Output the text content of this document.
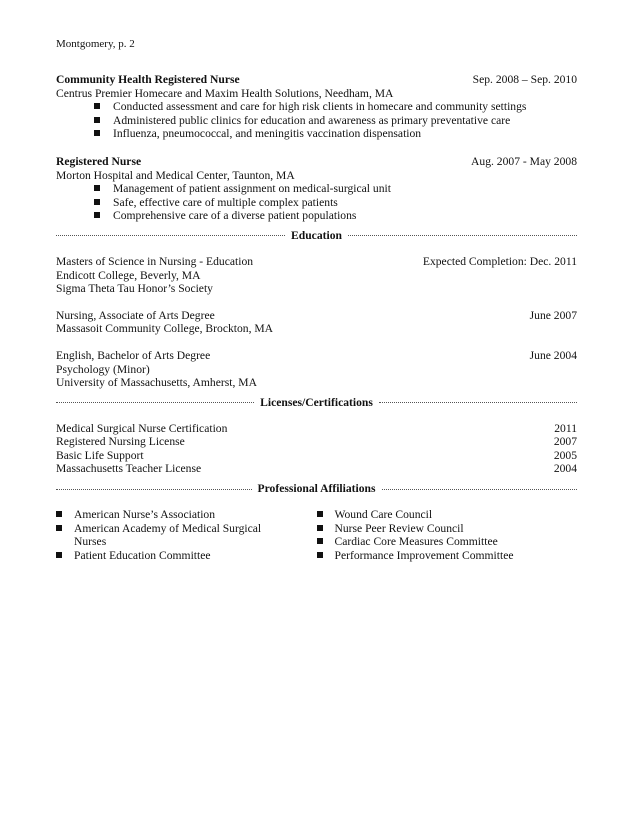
Montgomery, p. 2
Community Health Registered Nurse	Sep. 2008 – Sep. 2010
Centrus Premier Homecare and Maxim Health Solutions, Needham, MA
Conducted assessment and care for high risk clients in homecare and community settings
Administered public clinics for education and awareness as primary preventative care
Influenza, pneumococcal, and meningitis vaccination dispensation
Registered Nurse	Aug. 2007 - May 2008
Morton Hospital and Medical Center, Taunton, MA
Management of patient assignment on medical-surgical unit
Safe, effective care of multiple complex patients
Comprehensive care of a diverse patient populations
Education
Masters of Science in Nursing - Education	Expected Completion: Dec. 2011
Endicott College, Beverly, MA
Sigma Theta Tau Honor’s Society
Nursing, Associate of Arts Degree	June 2007
Massasoit Community College, Brockton, MA
English, Bachelor of Arts Degree	June 2004
Psychology (Minor)
University of Massachusetts, Amherst, MA
Licenses/Certifications
Medical Surgical Nurse Certification	2011
Registered Nursing License	2007
Basic Life Support	2005
Massachusetts Teacher License	2004
Professional Affiliations
American Nurse’s Association
American Academy of Medical Surgical Nurses
Patient Education Committee
Wound Care Council
Nurse Peer Review Council
Cardiac Core Measures Committee
Performance Improvement Committee
